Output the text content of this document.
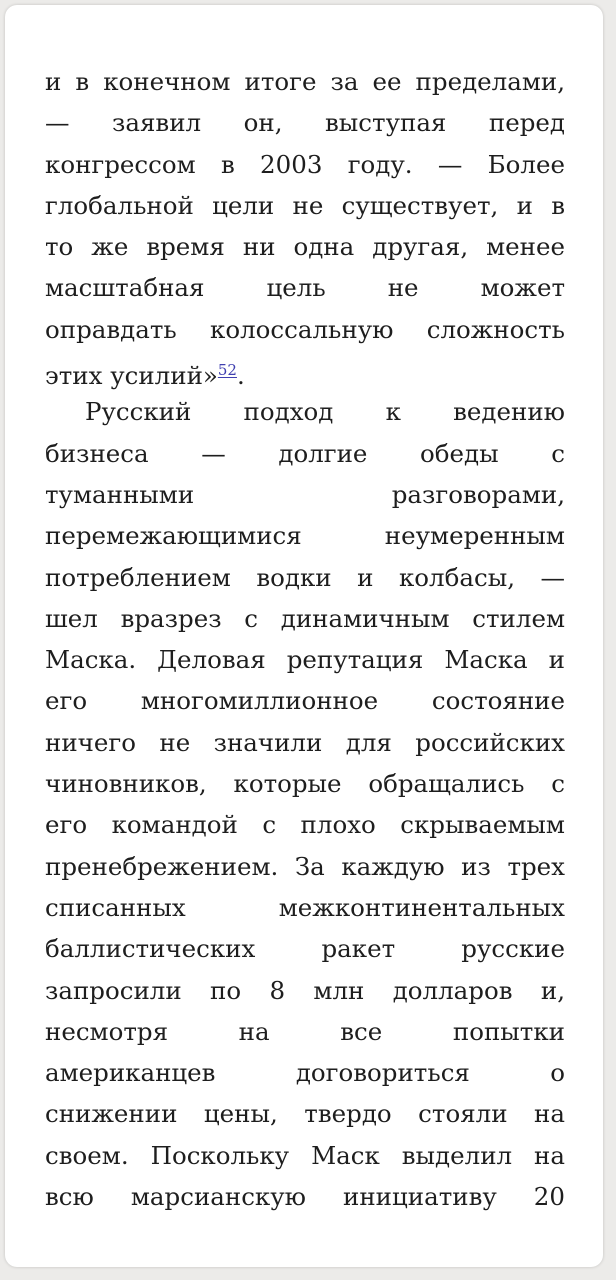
и в конечном итоге за ее пределами,
— заявил он, выступая перед
конгрессом в 2003 году. — Более
глобальной цели не существует, и в
то же время ни одна другая, менее
масштабная цель не может
оправдать колоссальную сложность
этих усилий»$^{52}$.
Русский подход к ведению
бизнеса — долгие обеды с
туманными разговорами,
перемежающимися неумеренным
потреблением водки и колбасы, —
шел вразрез с динамичным стилем
Маска. Деловая репутация Маска и
его многомиллионное состояние
ничего не значили для российских
чиновников, которые обращались с
его командой с плохо скрываемым
пренебрежением. За каждую из трех
списанных межконтинентальных
баллистических ракет русские
запросили по 8 млн долларов и,
несмотря на все попытки
американцев договориться о
снижении цены, твердо стояли на
своем. Поскольку Маск выделил на
всю марсианскую инициативу 20
